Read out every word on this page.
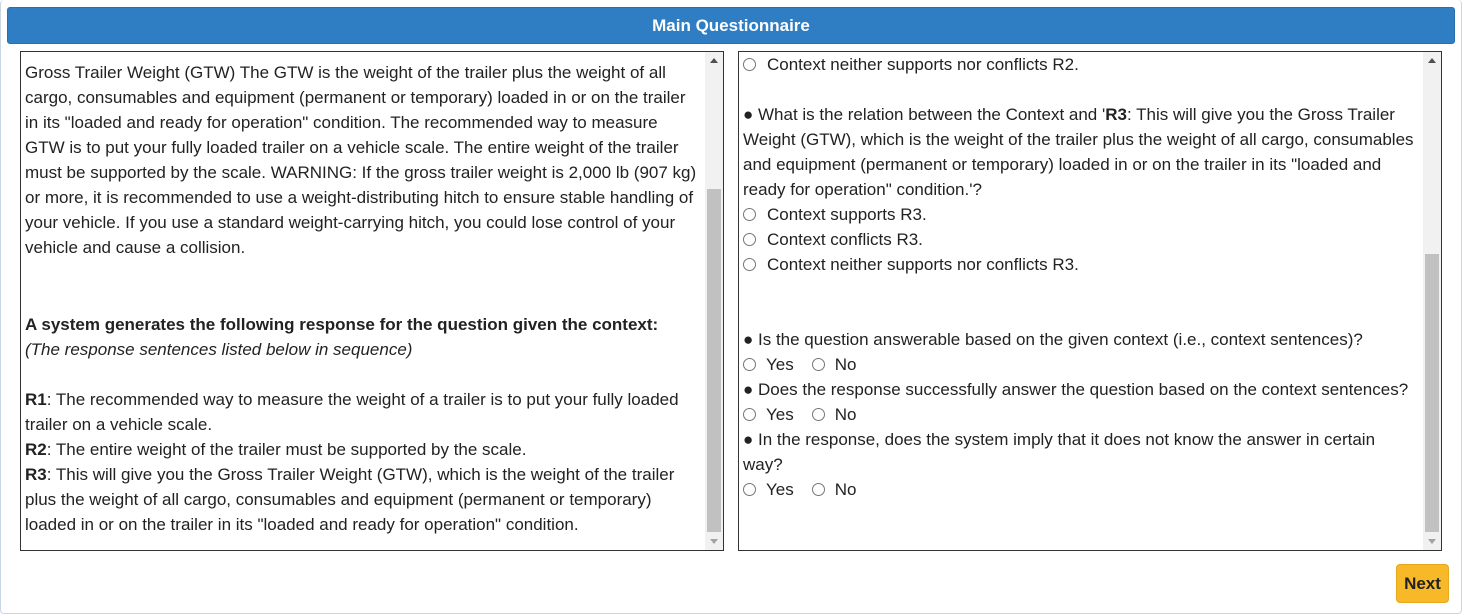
Main Questionnaire

Gross Trailer Weight (GTW) The GTW is the weight of the trailer plus the weight of all cargo, consumables and equipment (permanent or temporary) loaded in or on the trailer in its "loaded and ready for operation" condition. The recommended way to measure GTW is to put your fully loaded trailer on a vehicle scale. The entire weight of the trailer must be supported by the scale. WARNING: If the gross trailer weight is 2,000 lb (907 kg) or more, it is recommended to use a weight-distributing hitch to ensure stable handling of your vehicle. If you use a standard weight-carrying hitch, you could lose control of your vehicle and cause a collision.

A system generates the following response for the question given the context:

(The response sentences listed below in sequence)

R1: The recommended way to measure the weight of a trailer is to put your fully loaded trailer on a vehicle scale.

R2: The entire weight of the trailer must be supported by the scale.

R3: This will give you the Gross Trailer Weight (GTW), which is the weight of the trailer plus the weight of all cargo, consumables and equipment (permanent or temporary) loaded in or on the trailer in its "loaded and ready for operation" condition.

Context neither supports nor conflicts R2.

● What is the relation between the Context and 'R3: This will give you the Gross Trailer Weight (GTW), which is the weight of the trailer plus the weight of all cargo, consumables and equipment (permanent or temporary) loaded in or on the trailer in its "loaded and ready for operation" condition.'?

Context supports R3.
Context conflicts R3.
Context neither supports nor conflicts R3.

● Is the question answerable based on the given context (i.e., context sentences)?

Yes No

● Does the response successfully answer the question based on the context sentences?

Yes No

● In the response, does the system imply that it does not know the answer in certain way?

Yes No
Next
